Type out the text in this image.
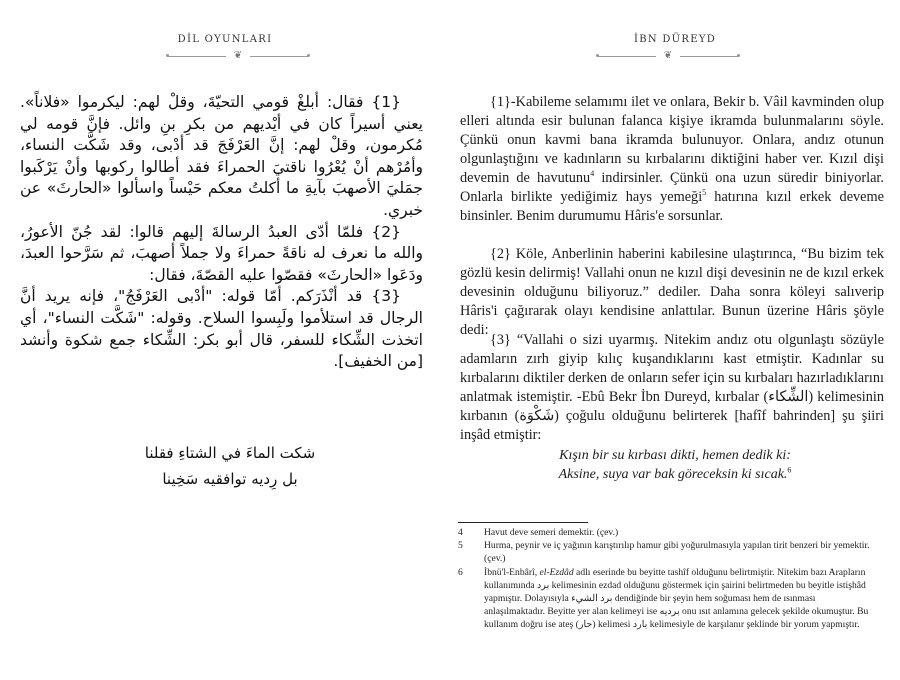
DİL OYUNLARI
❦

{1} فقال: أبلغْ قومي التحيّةَ، وقلْ لهم: ليكرموا «فلاناً». يعني أسيراً كان في أيْديهم من بكرِ بنِ وائل. فإنَّ قومه لي مُكرمون، وقلْ لهم: إنَّ العَرْفَجَ قد أدْبى، وقد شَكَّت النساء، وأمُرْهم أنْ يُعْرُوا ناقتيَ الحمراءَ فقد أطالوا ركوبها وأنْ يَرْكَبوا جمَليَ الأصهبَ بآيةِ ما أكلتُ معكم حَيْساً واسألوا «الحارثَ» عن خبري.

{2} فلمّا أدّى العبدُ الرسالةَ إليهم قالوا: لقد جُنّ الأعورُ، والله ما نعرف له ناقةً حمراءَ ولا جملاً أصهبَ، ثم سَرَّحوا العبدَ، ودَعَوا «الحارثَ» فقصّوا عليه القصّةَ، فقال:

{3} قد أنْذَرَكم. أمّا قوله: "أدْبى العَرْفَجُ"، فإنه يريد أنَّ الرجال قد استلأموا ولَبِسوا السلاح. وقوله: "شَكَّت النساء"، أي اتخذت الشِّكاء للسفر، قال أبو بكر: الشِّكاء جمع شكوة وأنشد [من الخفيف].

شكت الماءَ في الشتاءِ فقلنا
بل رِديه توافقيه سَخِينا
İBN DÜREYD
❦

{1}-Kabileme selamımı ilet ve onlara, Bekir b. Vâil kavminden olup elleri altında esir bulunan falanca kişiye ikramda bulunmalarını söyle. Çünkü onun kavmi bana ikramda bulunuyor. Onlara, andız otunun olgunlaştığını ve kadınların su kırbalarını diktiğini haber ver. Kızıl dişi devemin de havutunu$^4$ indirsinler. Çünkü ona uzun süredir biniyorlar. Onlarla birlikte yediğimiz hays yemeği$^5$ hatırına kızıl erkek deveme binsinler. Benim durumumu Hâris'e sorsunlar.

{2} Köle, Anberlinin haberini kabilesine ulaştırınca, “Bu bizim tek gözlü kesin delirmiş! Vallahi onun ne kızıl dişi devesinin ne de kızıl erkek devesinin olduğunu biliyoruz.” dediler. Daha sonra köleyi salıverip Hâris'i çağırarak olayı kendisine anlattılar. Bunun üzerine Hâris şöyle dedi:

{3} “Vallahi o sizi uyarmış. Nitekim andız otu olgunlaştı sözüyle adamların zırh giyip kılıç kuşandıklarını kast etmiştir. Kadınlar su kırbalarını diktiler derken de onların sefer için su kırbaları hazırladıklarını anlatmak istemiştir. -Ebû Bekr İbn Dureyd, kırbalar (الشِّكاء) kelimesinin kırbanın (شَكْوَة) çoğulu olduğunu belirterek [hafîf bahrinden] şu şiiri inşâd etmiştir:

Kışın bir su kırbası dikti, hemen dedik ki:
Aksine, suya var bak göreceksin ki sıcak.$^6$
4	Havut deve semeri demektir. (çev.)
5	Hurma, peynir ve iç yağının karıştırılıp hamur gibi yoğurulmasıyla yapılan tirit benzeri bir yemektir. (çev.)
6	İbnü'l-Enbârî, el-Ezdâd adlı eserinde bu beyitte tashîf olduğunu belirtmiştir. Nitekim bazı Arapların kullanımında برد kelimesinin ezdad olduğunu göstermek için şairini belirtmeden bu beyitle istişhâd yapmıştır. Dolayısıyla برد الشيء dendiğinde bir şeyin hem soğuması hem de ısınması anlaşılmaktadır. Beyitte yer alan kelimeyi ise بردیه onu ısıt anlamına gelecek şekilde okumuştur. Bu kullanım doğru ise ateş (حار) kelimesi بارد kelimesiyle de karşılanır şeklinde bir yorum yapmıştır.
